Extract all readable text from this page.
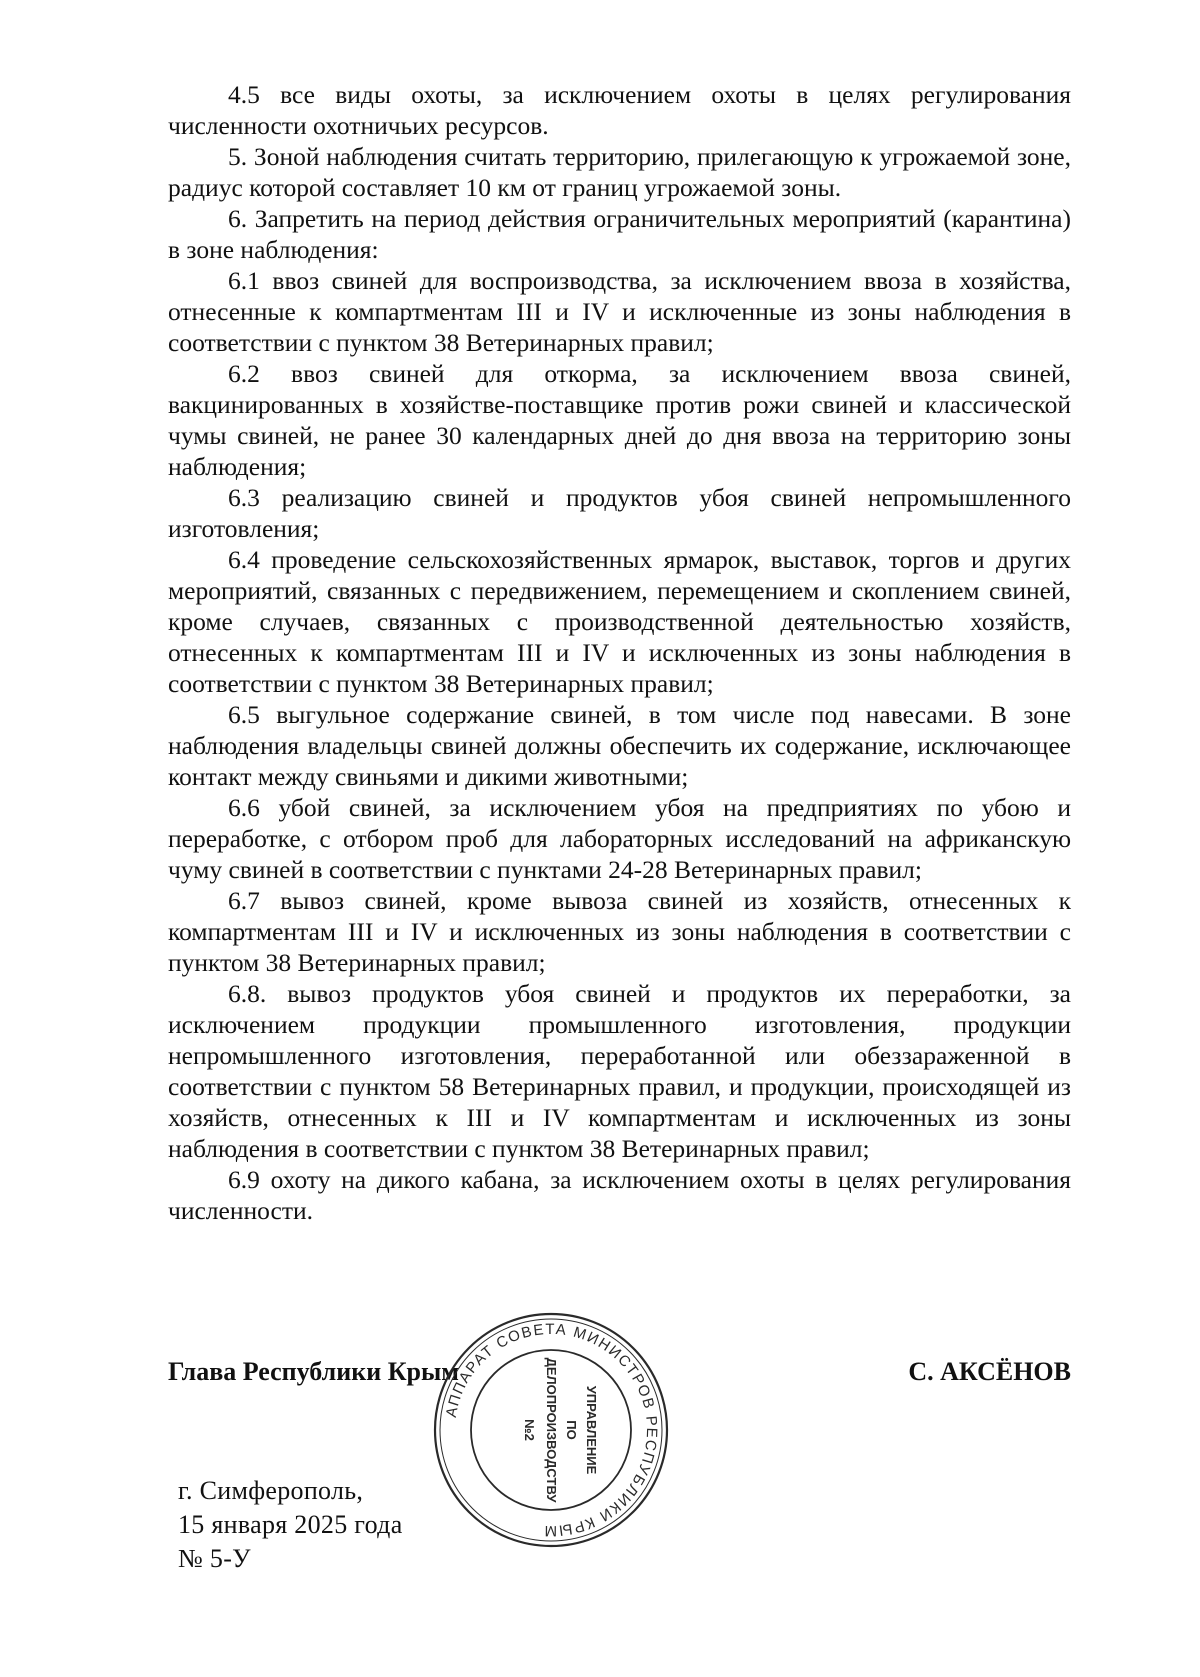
4.5 все виды охоты, за исключением охоты в целях регулирования численности охотничьих ресурсов.

5. Зоной наблюдения считать территорию, прилегающую к угрожаемой зоне, радиус которой составляет 10 км от границ угрожаемой зоны.

6. Запретить на период действия ограничительных мероприятий (карантина) в зоне наблюдения:

6.1 ввоз свиней для воспроизводства, за исключением ввоза в хозяйства, отнесенные к компартментам III и IV и исключенные из зоны наблюдения в соответствии с пунктом 38 Ветеринарных правил;

6.2 ввоз свиней для откорма, за исключением ввоза свиней, вакцинированных в хозяйстве-поставщике против рожи свиней и классической чумы свиней, не ранее 30 календарных дней до дня ввоза на территорию зоны наблюдения;

6.3 реализацию свиней и продуктов убоя свиней непромышленного изготовления;

6.4 проведение сельскохозяйственных ярмарок, выставок, торгов и других мероприятий, связанных с передвижением, перемещением и скоплением свиней, кроме случаев, связанных с производственной деятельностью хозяйств, отнесенных к компартментам III и IV и исключенных из зоны наблюдения в соответствии с пунктом 38 Ветеринарных правил;

6.5 выгульное содержание свиней, в том числе под навесами. В зоне наблюдения владельцы свиней должны обеспечить их содержание, исключающее контакт между свиньями и дикими животными;

6.6 убой свиней, за исключением убоя на предприятиях по убою и переработке, с отбором проб для лабораторных исследований на африканскую чуму свиней в соответствии с пунктами 24-28 Ветеринарных правил;

6.7 вывоз свиней, кроме вывоза свиней из хозяйств, отнесенных к компартментам III и IV и исключенных из зоны наблюдения в соответствии с пунктом 38 Ветеринарных правил;

6.8. вывоз продуктов убоя свиней и продуктов их переработки, за исключением продукции промышленного изготовления, продукции непромышленного изготовления, переработанной или обеззараженной в соответствии с пунктом 58 Ветеринарных правил, и продукции, происходящей из хозяйств, отнесенных к III и IV компартментам и исключенных из зоны наблюдения в соответствии с пунктом 38 Ветеринарных правил;

6.9 охоту на дикого кабана, за исключением охоты в целях регулирования численности.

Глава Республики Крым	С. АКСЁНОВ
г. Симферополь,
15 января 2025 года
№ 5-У
АППАРАТ СОВЕТА МИНИСТРОВ РЕСПУБЛИКИ КРЫМ
УПРАВЛЕНИЕ
ПО
ДЕЛОПРОИЗВОДСТВУ
№2
